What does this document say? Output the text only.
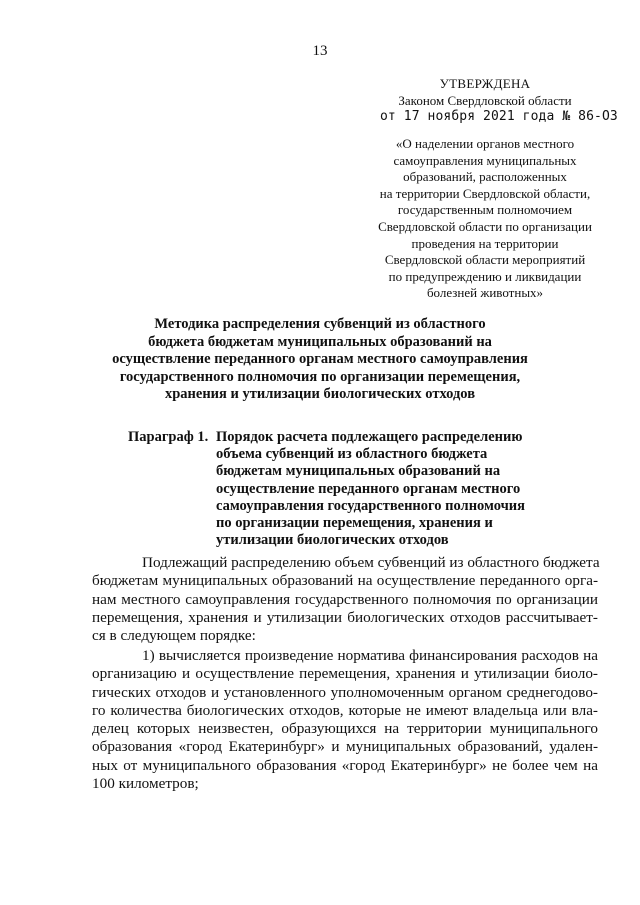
13
УТВЕРЖДЕНА
Законом Свердловской области
от 17 ноября 2021 года № 86-ОЗ
«О наделении органов местного
самоуправления муниципальных
образований, расположенных
на территории Свердловской области,
государственным полномочием
Свердловской области по организации
проведения на территории
Свердловской области мероприятий
по предупреждению и ликвидации
болезней животных»
Методика распределения субвенций из областного
бюджета бюджетам муниципальных образований на
осуществление переданного органам местного самоуправления
государственного полномочия по организации перемещения,
хранения и утилизации биологических отходов
Параграф 1. Порядок расчета подлежащего распределению
объема субвенций из областного бюджета
бюджетам муниципальных образований на
осуществление переданного органам местного
самоуправления государственного полномочия
по организации перемещения, хранения и
утилизации биологических отходов
Подлежащий распределению объем субвенций из областного бюджета
бюджетам муниципальных образований на осуществление переданного орга-
нам местного самоуправления государственного полномочия по организации
перемещения, хранения и утилизации биологических отходов рассчитывает-
ся в следующем порядке:
1) вычисляется произведение норматива финансирования расходов на
организацию и осуществление перемещения, хранения и утилизации биоло-
гических отходов и установленного уполномоченным органом среднегодово-
го количества биологических отходов, которые не имеют владельца или вла-
делец которых неизвестен, образующихся на территории муниципального
образования «город Екатеринбург» и муниципальных образований, удален-
ных от муниципального образования «город Екатеринбург» не более чем на
100 километров;
